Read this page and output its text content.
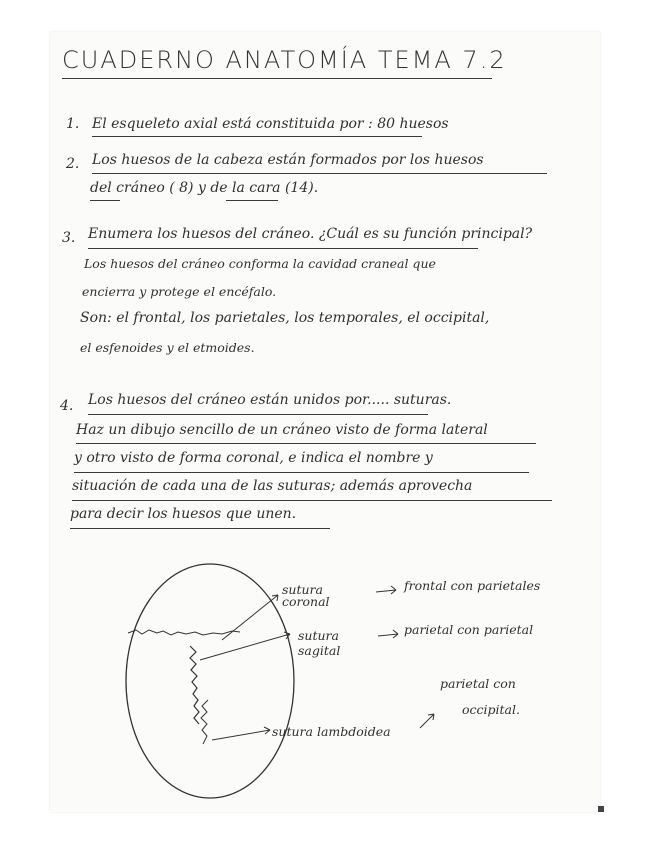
CUADERNO ANATOMÍA TEMA 7.2
1. El esqueleto axial está constituida por : 80 huesos
2. Los huesos de la cabeza están formados por los huesos
del cráneo ( 8) y de la cara (14).
3. Enumera los huesos del cráneo. ¿Cuál es su función principal?
Los huesos del cráneo conforma la cavidad craneal que
encierra y protege el encéfalo.
Son: el frontal, los parietales, los temporales, el occipital,
el esfenoides y el etmoides.
4. Los huesos del cráneo están unidos por..... suturas.
Haz un dibujo sencillo de un cráneo visto de forma lateral
y otro visto de forma coronal, e indica el nombre y
situación de cada una de las suturas; además aprovecha
para decir los huesos que unen.
sutura
coronal
frontal con parietales
sutura
sagital
parietal con parietal
sutura lambdoidea
parietal con
occipital.
